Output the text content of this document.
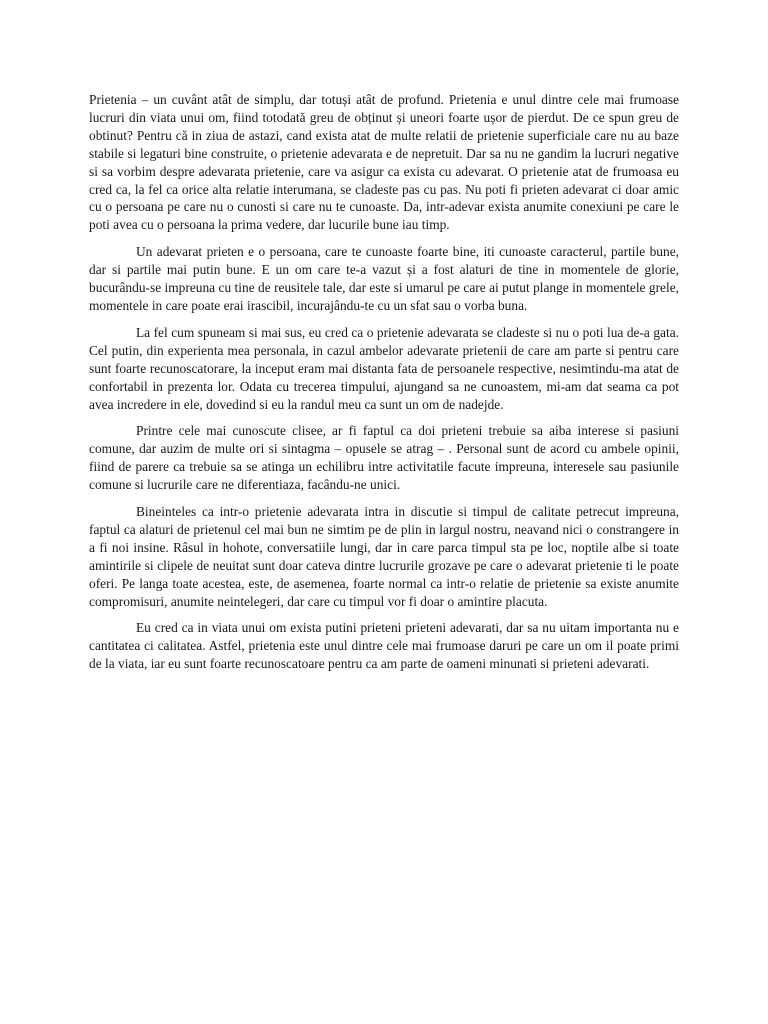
Prietenia – un cuvânt atât de simplu, dar totuși atât de profund. Prietenia e unul dintre cele mai frumoase lucruri din viata unui om, fiind totodată greu de obținut și uneori foarte ușor de pierdut. De ce spun greu de obtinut? Pentru că in ziua de astazi, cand exista atat de multe relatii de prietenie superficiale care nu au baze stabile si legaturi bine construite, o prietenie adevarata e de nepretuit. Dar sa nu ne gandim la lucruri negative si sa vorbim despre adevarata prietenie, care va asigur ca exista cu adevarat. O prietenie atat de frumoasa eu cred ca, la fel ca orice alta relatie interumana, se cladeste pas cu pas. Nu poti fi prieten adevarat ci doar amic cu o persoana pe care nu o cunosti si care nu te cunoaste. Da, intr-adevar exista anumite conexiuni pe care le poti avea cu o persoana la prima vedere, dar lucurile bune iau timp.

Un adevarat prieten e o persoana, care te cunoaste foarte bine, iti cunoaste caracterul, partile bune, dar si partile mai putin bune. E un om care te-a vazut și a fost alaturi de tine in momentele de glorie, bucurându-se impreuna cu tine de reusitele tale, dar este si umarul pe care ai putut plange in momentele grele, momentele in care poate erai irascibil, incurajându-te cu un sfat sau o vorba buna.

La fel cum spuneam si mai sus, eu cred ca o prietenie adevarata se cladeste si nu o poti lua de-a gata. Cel putin, din experienta mea personala, in cazul ambelor adevarate prietenii de care am parte si pentru care sunt foarte recunoscatorare, la inceput eram mai distanta fata de persoanele respective, nesimtindu-ma atat de confortabil in prezenta lor. Odata cu trecerea timpului, ajungand sa ne cunoastem, mi-am dat seama ca pot avea incredere in ele, dovedind si eu la randul meu ca sunt un om de nadejde.

Printre cele mai cunoscute clisee, ar fi faptul ca doi prieteni trebuie sa aiba interese si pasiuni comune, dar auzim de multe ori si sintagma – opusele se atrag – . Personal sunt de acord cu ambele opinii, fiind de parere ca trebuie sa se atinga un echilibru intre activitatile facute impreuna, interesele sau pasiunile comune si lucrurile care ne diferentiaza, facându-ne unici.

Bineinteles ca intr-o prietenie adevarata intra in discutie si timpul de calitate petrecut impreuna, faptul ca alaturi de prietenul cel mai bun ne simtim pe de plin in largul nostru, neavand nici o constrangere in a fi noi insine. Râsul in hohote, conversatiile lungi, dar in care parca timpul sta pe loc, noptile albe si toate amintirile si clipele de neuitat sunt doar cateva dintre lucrurile grozave pe care o adevarat prietenie ti le poate oferi. Pe langa toate acestea, este, de asemenea, foarte normal ca intr-o relatie de prietenie sa existe anumite compromisuri, anumite neintelegeri, dar care cu timpul vor fi doar o amintire placuta.

Eu cred ca in viata unui om exista putini prieteni prieteni adevarati, dar sa nu uitam importanta nu e cantitatea ci calitatea. Astfel, prietenia este unul dintre cele mai frumoase daruri pe care un om il poate primi de la viata, iar eu sunt foarte recunoscatoare pentru ca am parte de oameni minunati si prieteni adevarati.
